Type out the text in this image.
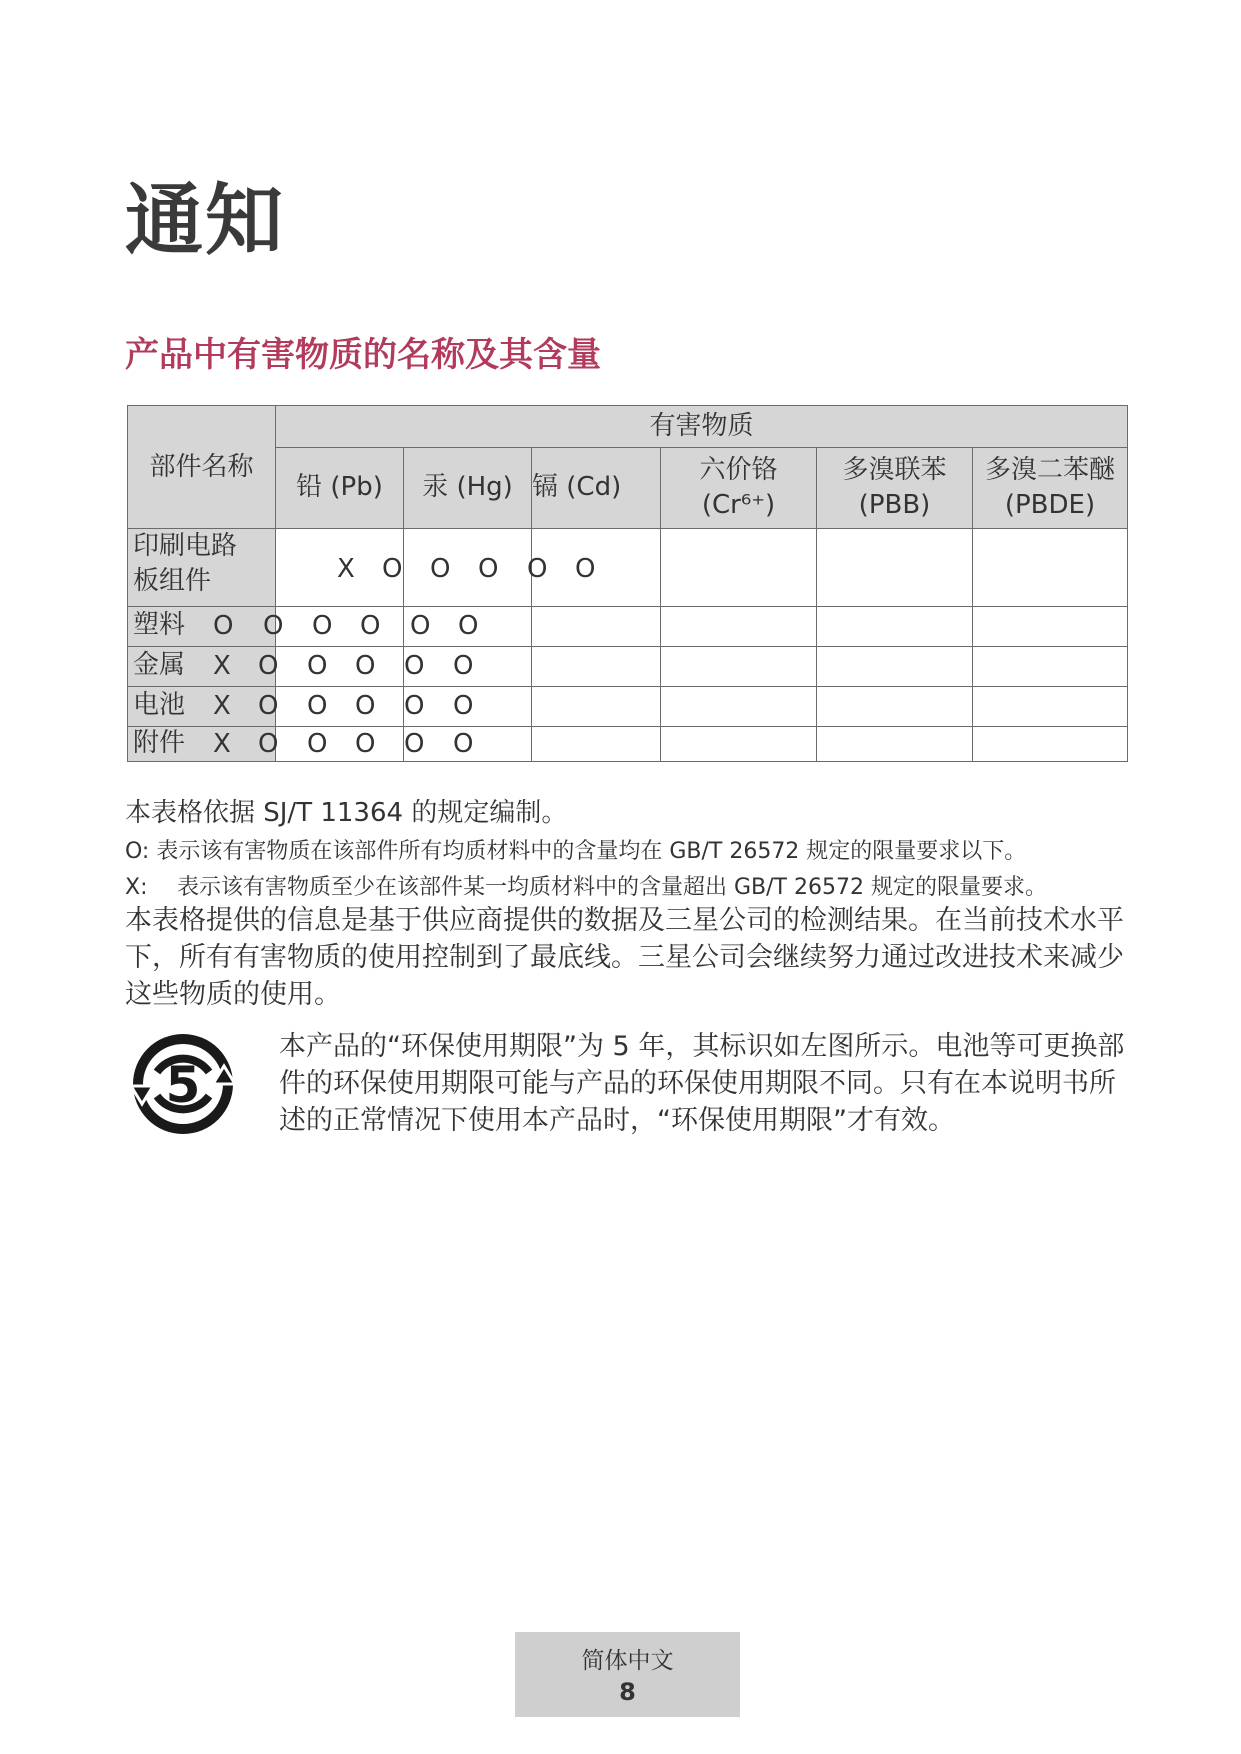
通知
产品中有害物质的名称及其含量
部件名称
有害物质
铅 (Pb) 汞 (Hg) 镉 (Cd)
六价铬
(Cr⁶⁺)
多溴联苯
(PBB)
多溴二苯醚
(PBDE)
印刷电路
板组件
塑料
金属
电池
附件
X O O O O O
O O O O O O
X O O O O O
X O O O O O
X O O O O O
本表格依据 SJ/T 11364 的规定编制。
O: 表示该有害物质在该部件所有均质材料中的含量均在 GB/T 26572 规定的限量要求以下。
X: 表示该有害物质至少在该部件某一均质材料中的含量超出 GB/T 26572 规定的限量要求。
本表格提供的信息是基于供应商提供的数据及三星公司的检测结果。在当前技术水平下，所有有害物质的使用控制到了最底线。三星公司会继续努力通过改进技术来减少这些物质的使用。
5
本产品的“环保使用期限”为 5 年，其标识如左图所示。电池等可更换部件的环保使用期限可能与产品的环保使用期限不同。只有在本说明书所述的正常情况下使用本产品时，“环保使用期限”才有效。
简体中文
8
